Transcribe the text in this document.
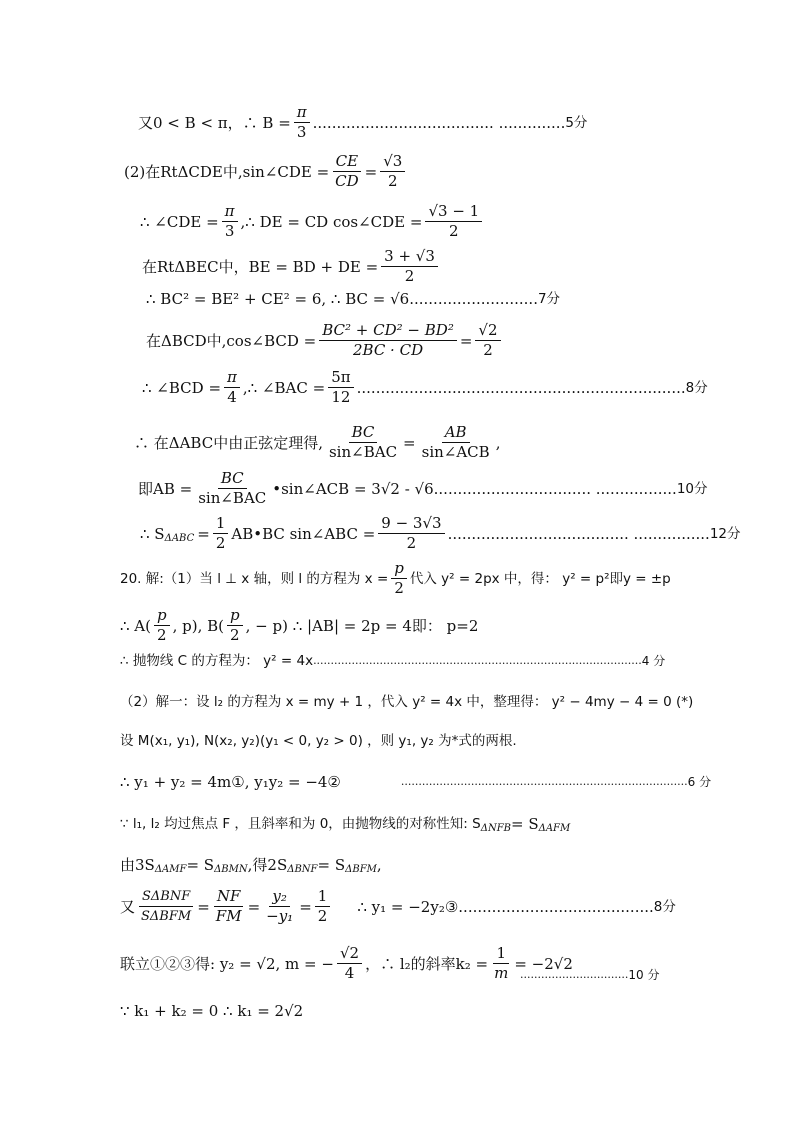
又0 < B < π，∴ $B = \frac{\pi}{3}$ ...................................... .............. 5分
(2)在RtΔCDE中,sin∠CDE = $\frac{CE}{CD} = \frac{√3}{2}$
∴ ∠CDE = $\frac{\pi}{3}$ ,∴ DE = CD cos∠CDE = $\frac{√3 - 1}{2}$
在RtΔBEC中，BE = BD + DE = $\frac{3 + √3}{2}$
∴ BC² = BE² + CE² = 6, ∴ BC = √6 ........................... 7分
在ΔBCD中,cos∠BCD = $\frac{\text{BC² + CD² − BD²}}{2BC \cdot CD} = \frac{√2}{2}$
∴ ∠BCD = $\frac{\pi}{4}$ ,∴ ∠BAC = $\frac{5\pi}{12}$ ..................................................................... 8分
∴ 在ΔABC中由正弦定理得, $\frac{BC}{\text{sin∠BAC}} = \frac{AB}{\text{sin∠ACB}}$ ,
即AB = $\frac{BC}{\text{sin∠BAC}}$ •sin∠ACB = 3√2 - √6 ................................. ................. 10分
∴ S $\Delta ABC = \frac{1}{2}$ AB•BC sin∠ABC = $\frac{9 - 3√3}{2}$ ...................................... ................ 12分
20. 解:（1）当 l ⊥ x 轴，则 l 的方程为 $x = \frac{p}{2}$ 代入 y² = 2px 中，得： y² = p²即y = ±p
∴ $A( \frac{p}{2}$ , p), $B( \frac{p}{2}$ , − p) ∴ |AB| = 2p = 4即： p=2
∴ 抛物线 C 的方程为： y² = 4x .............................................................................................. 4 分
（2）解一：设 l₂ 的方程为 x = my + 1 ，代入 y² = 4x 中，整理得： y² − 4my − 4 = 0 (*)
设 M(x₁, y₁), N(x₂, y₂)(y₁ < 0, y₂ > 0) ，则 y₁, y₂ 为*式的两根.
∴ y₁ + y₂ = 4m①, y₁y₂ = −4②	.................................................................................. 6 分
∵ l₁, l₂ 均过焦点 F ，且斜率和为 0，由抛物线的对称性知: S ΔNFB = S ΔAFM
由3S ΔAMF = S ΔBMN ,得2S ΔBNF = S ΔBFM ,
又 $\frac{\text{SΔBNF}}{\text{SΔBFM}} = \frac{NF}{FM} = \frac{\text{y₂}}{\text{−y₁}} = \frac{1}{2}$ ∴ y₁ = −2y₂③ ......................................... 8分
联立①②③得: y₂ = √2, m = − $\frac{√2}{4}$ ，∴ l₂的斜率$k_2 = \frac{1}{m} = -2√2$
............................... 10 分
∵ k₁ + k₂ = 0 ∴ k₁ = 2√2
